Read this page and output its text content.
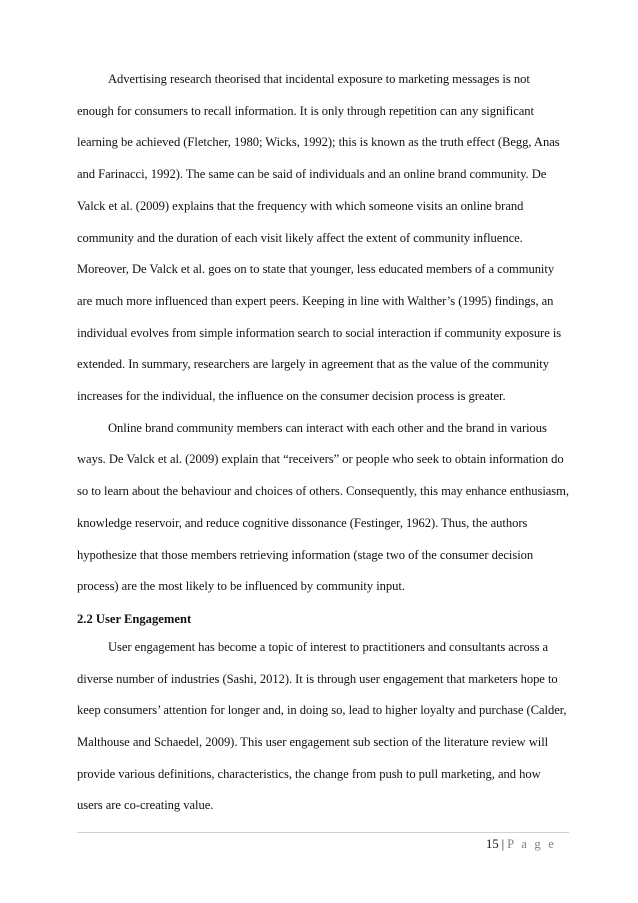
Advertising research theorised that incidental exposure to marketing messages is not enough for consumers to recall information. It is only through repetition can any significant learning be achieved (Fletcher, 1980; Wicks, 1992); this is known as the truth effect (Begg, Anas and Farinacci, 1992). The same can be said of individuals and an online brand community. De Valck et al. (2009) explains that the frequency with which someone visits an online brand community and the duration of each visit likely affect the extent of community influence. Moreover, De Valck et al. goes on to state that younger, less educated members of a community are much more influenced than expert peers. Keeping in line with Walther’s (1995) findings, an individual evolves from simple information search to social interaction if community exposure is extended. In summary, researchers are largely in agreement that as the value of the community increases for the individual, the influence on the consumer decision process is greater.

Online brand community members can interact with each other and the brand in various ways. De Valck et al. (2009) explain that “receivers” or people who seek to obtain information do so to learn about the behaviour and choices of others. Consequently, this may enhance enthusiasm, knowledge reservoir, and reduce cognitive dissonance (Festinger, 1962). Thus, the authors hypothesize that those members retrieving information (stage two of the consumer decision process) are the most likely to be influenced by community input.

2.2 User Engagement

User engagement has become a topic of interest to practitioners and consultants across a diverse number of industries (Sashi, 2012). It is through user engagement that marketers hope to keep consumers’ attention for longer and, in doing so, lead to higher loyalty and purchase (Calder, Malthouse and Schaedel, 2009). This user engagement sub section of the literature review will provide various definitions, characteristics, the change from push to pull marketing, and how users are co-creating value.

15 | P a g e
